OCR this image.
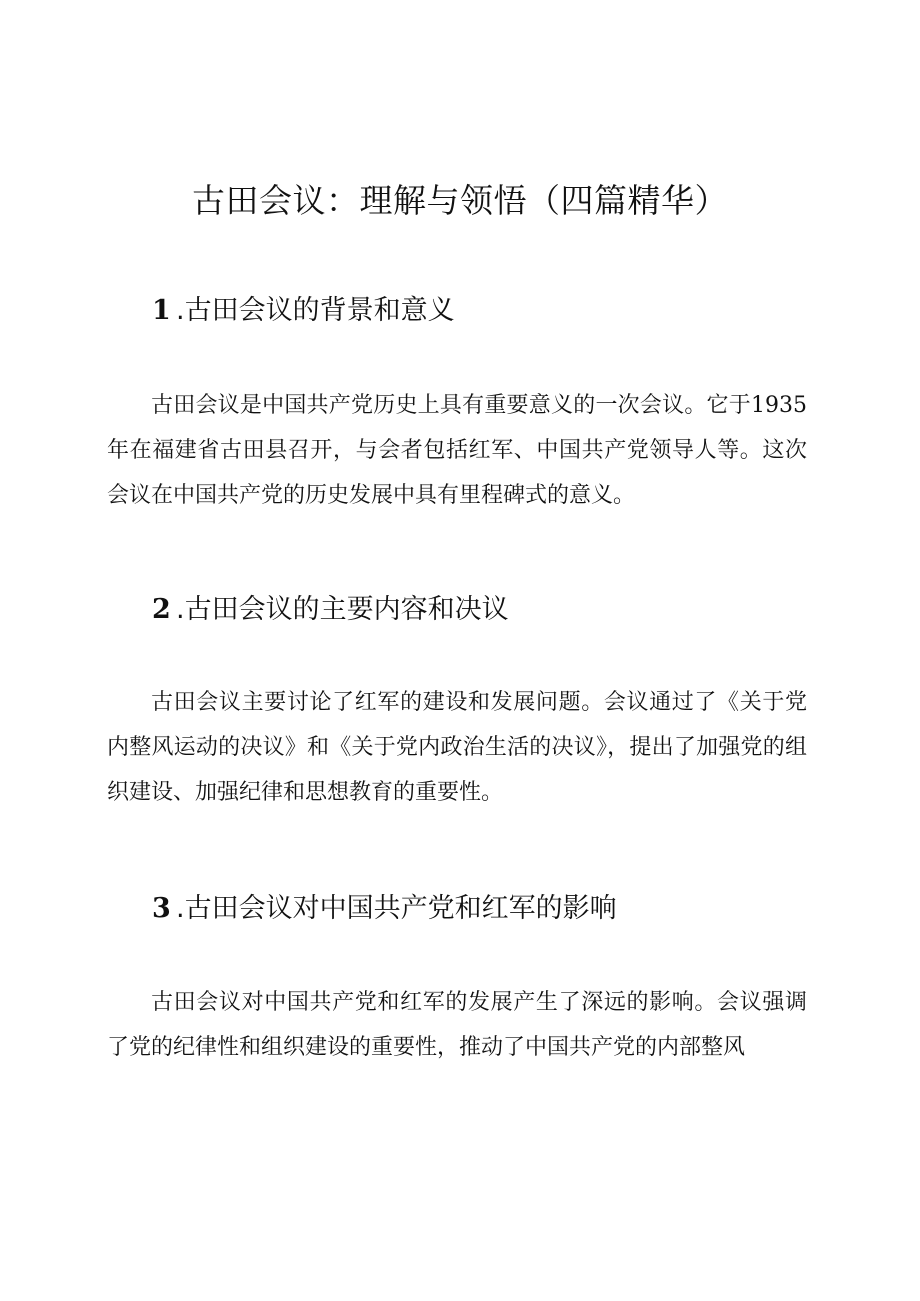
古田会议：理解与领悟（四篇精华）
1 .古田会议的背景和意义
古田会议是中国共产党历史上具有重要意义的一次会议。它于1935年在福建省古田县召开，与会者包括红军、中国共产党领导人等。这次会议在中国共产党的历史发展中具有里程碑式的意义。
2 .古田会议的主要内容和决议
古田会议主要讨论了红军的建设和发展问题。会议通过了《关于党内整风运动的决议》和《关于党内政治生活的决议》，提出了加强党的组织建设、加强纪律和思想教育的重要性。
3 .古田会议对中国共产党和红军的影响
古田会议对中国共产党和红军的发展产生了深远的影响。会议强调了党的纪律性和组织建设的重要性，推动了中国共产党的内部整风
